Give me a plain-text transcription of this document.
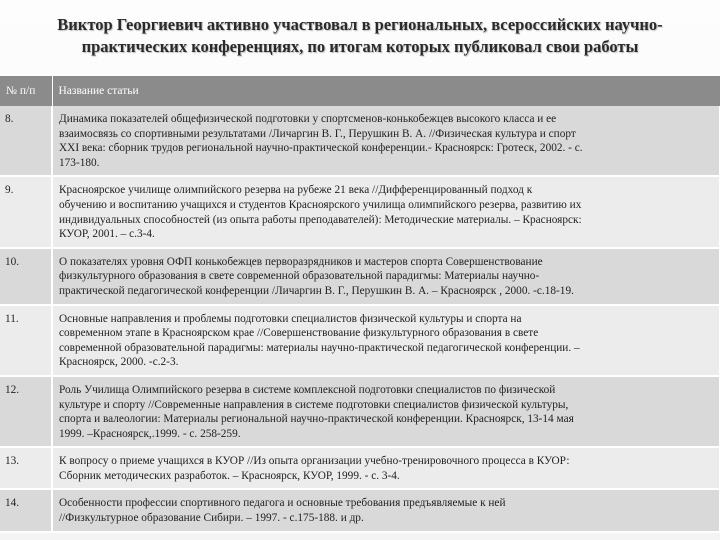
Виктор Георгиевич активно участвовал в региональных, всероссийских научно-
практических конференциях, по итогам которых публиковал свои работы
№ п/п	Название статьи
8.	Динамика показателей общефизической подготовки у спортсменов-конькобежцев высокого класса и ее
взаимосвязь со спортивными результатами /Личаргин В. Г., Перушкин В. А. //Физическая культура и спорт
XXI века: сборник трудов региональной научно-практической конференции.- Красноярск: Гротеск, 2002. - с.
173-180.

9.	Красноярское училище олимпийского резерва на рубеже 21 века //Дифференцированный подход к
обучению и воспитанию учащихся и студентов Красноярского училища олимпийского резерва, развитию их
индивидуальных способностей (из опыта работы преподавателей): Методические материалы. – Красноярск:
КУОР, 2001. – с.3-4.

10.	О показателях уровня ОФП конькобежцев перворазрядников и мастеров спорта Совершенствование
физкультурного образования в свете современной образовательной парадигмы: Материалы научно-
практической педагогической конференции /Личаргин В. Г., Перушкин В. А. – Красноярск , 2000. -с.18-19.

11.	Основные направления и проблемы подготовки специалистов физической культуры и спорта на
современном этапе в Красноярском крае //Совершенствование физкультурного образования в свете
современной образовательной парадигмы: материалы научно-практической педагогической конференции. –
Красноярск, 2000. -с.2-3.

12.	Роль Училища Олимпийского резерва в системе комплексной подготовки специалистов по физической
культуре и спорту //Современные направления в системе подготовки специалистов физической культуры,
спорта и валеологии: Материалы региональной научно-практической конференции. Красноярск, 13-14 мая
1999. –Красноярск,.1999. - с. 258-259.

13.	К вопросу о приеме учащихся в КУОР //Из опыта организации учебно-тренировочного процесса в КУОР:
Сборник методических разработок. – Красноярск, КУОР, 1999. - с. 3-4.

14.	Особенности профессии спортивного педагога и основные требования предъявляемые к ней
//Физкультурное образование Сибири. – 1997. - с.175-188. и др.
